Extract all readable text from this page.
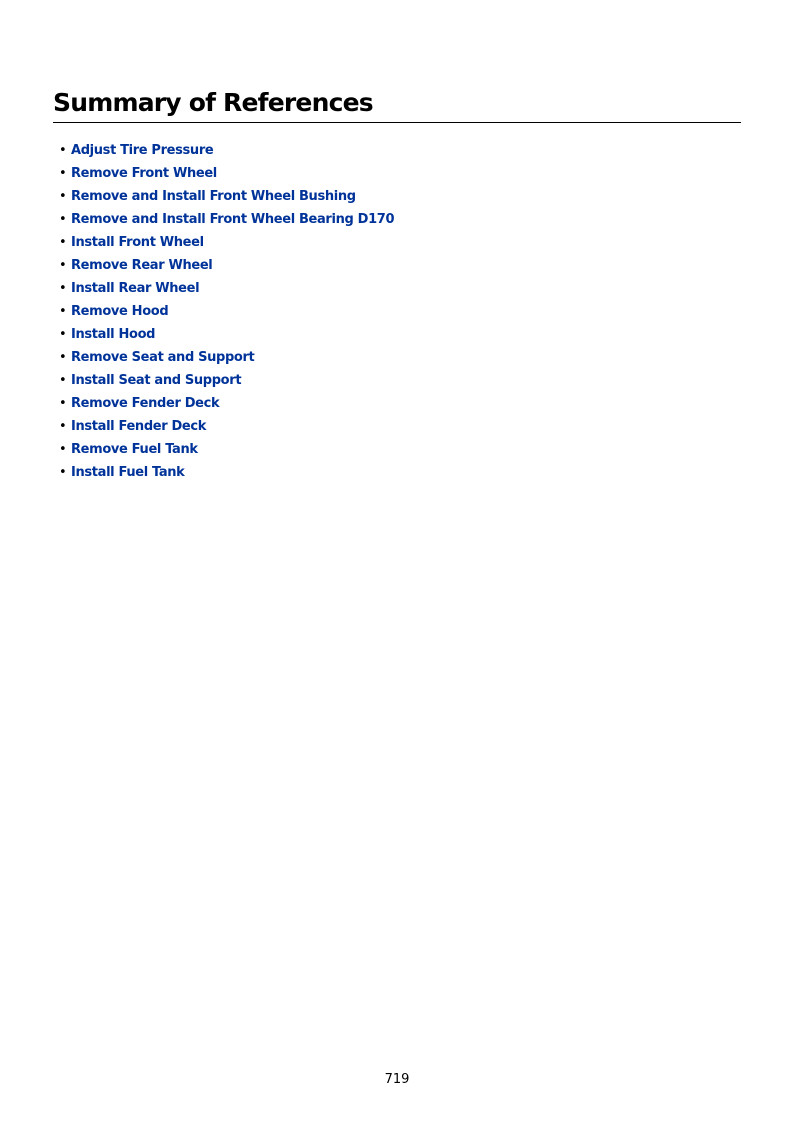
Summary of References
• Adjust Tire Pressure
• Remove Front Wheel
• Remove and Install Front Wheel Bushing
• Remove and Install Front Wheel Bearing D170
• Install Front Wheel
• Remove Rear Wheel
• Install Rear Wheel
• Remove Hood
• Install Hood
• Remove Seat and Support
• Install Seat and Support
• Remove Fender Deck
• Install Fender Deck
• Remove Fuel Tank
• Install Fuel Tank
719
